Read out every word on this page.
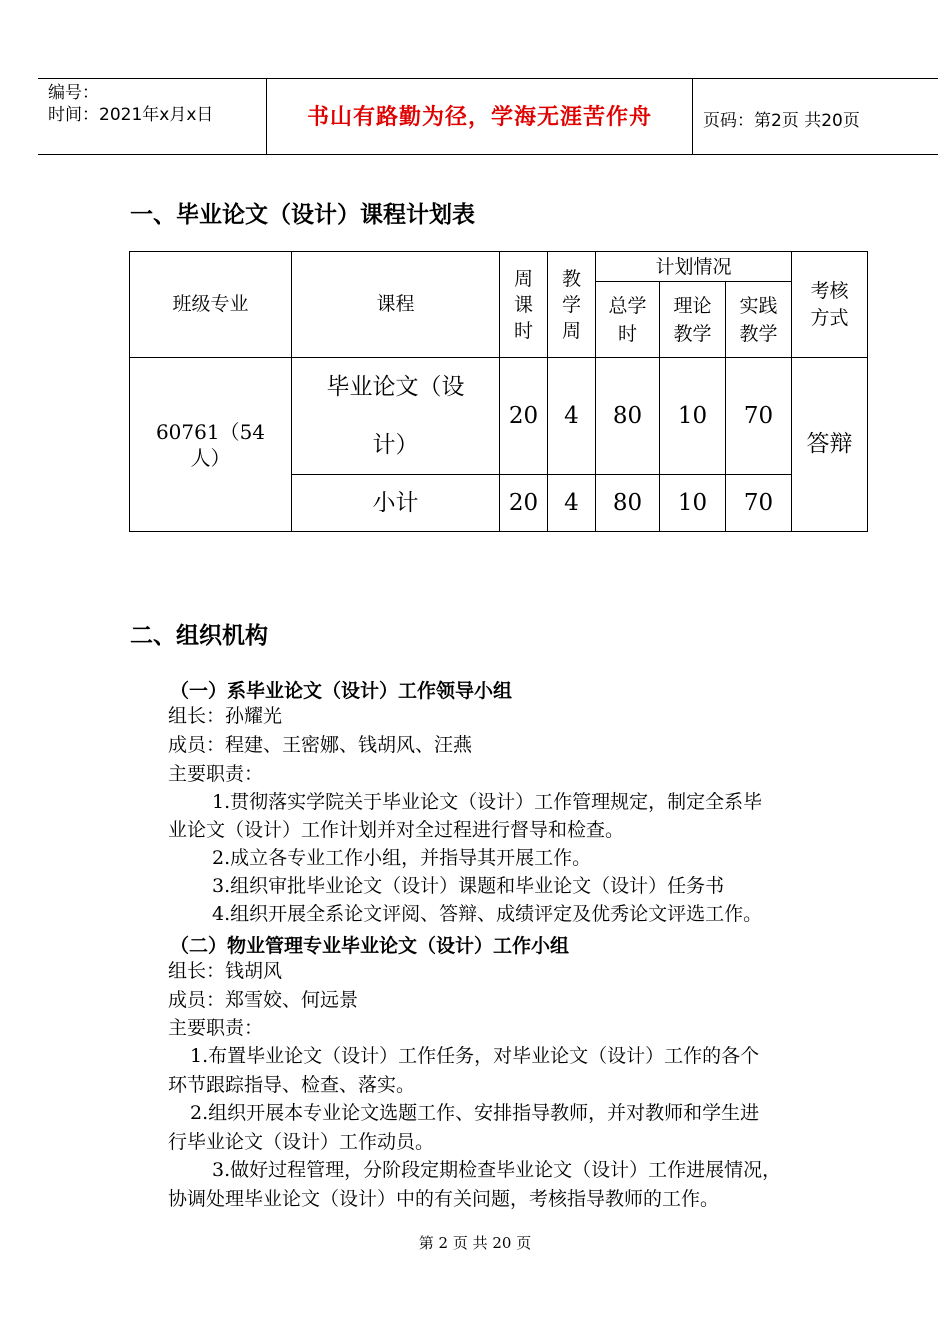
编号：
时间：2021年x月x日	书山有路勤为径，学海无涯苦作舟	页码：第2页 共20页
一、毕业论文（设计）课程计划表
班级专业	课程	周课时	教学周	计划情况			考核方式

				总学时	理论教学	实践教学	

60761（54人）	毕业论文（设计）	20	4	80	10	70	答辩
	小计	20	4	80	10	70	
二、组织机构
（一）系毕业论文（设计）工作领导小组
组长：孙耀光
成员：程建、王密娜、钱胡风、汪燕
主要职责：
1.贯彻落实学院关于毕业论文（设计）工作管理规定，制定全系毕
业论文（设计）工作计划并对全过程进行督导和检查。
2.成立各专业工作小组，并指导其开展工作。
3.组织审批毕业论文（设计）课题和毕业论文（设计）任务书
4.组织开展全系论文评阅、答辩、成绩评定及优秀论文评选工作。
（二）物业管理专业毕业论文（设计）工作小组
组长：钱胡风
成员：郑雪姣、何远景
主要职责：
1.布置毕业论文（设计）工作任务，对毕业论文（设计）工作的各个
环节跟踪指导、检查、落实。
2.组织开展本专业论文选题工作、安排指导教师，并对教师和学生进
行毕业论文（设计）工作动员。
3.做好过程管理，分阶段定期检查毕业论文（设计）工作进展情况，
协调处理毕业论文（设计）中的有关问题，考核指导教师的工作。
第 2 页 共 20 页
